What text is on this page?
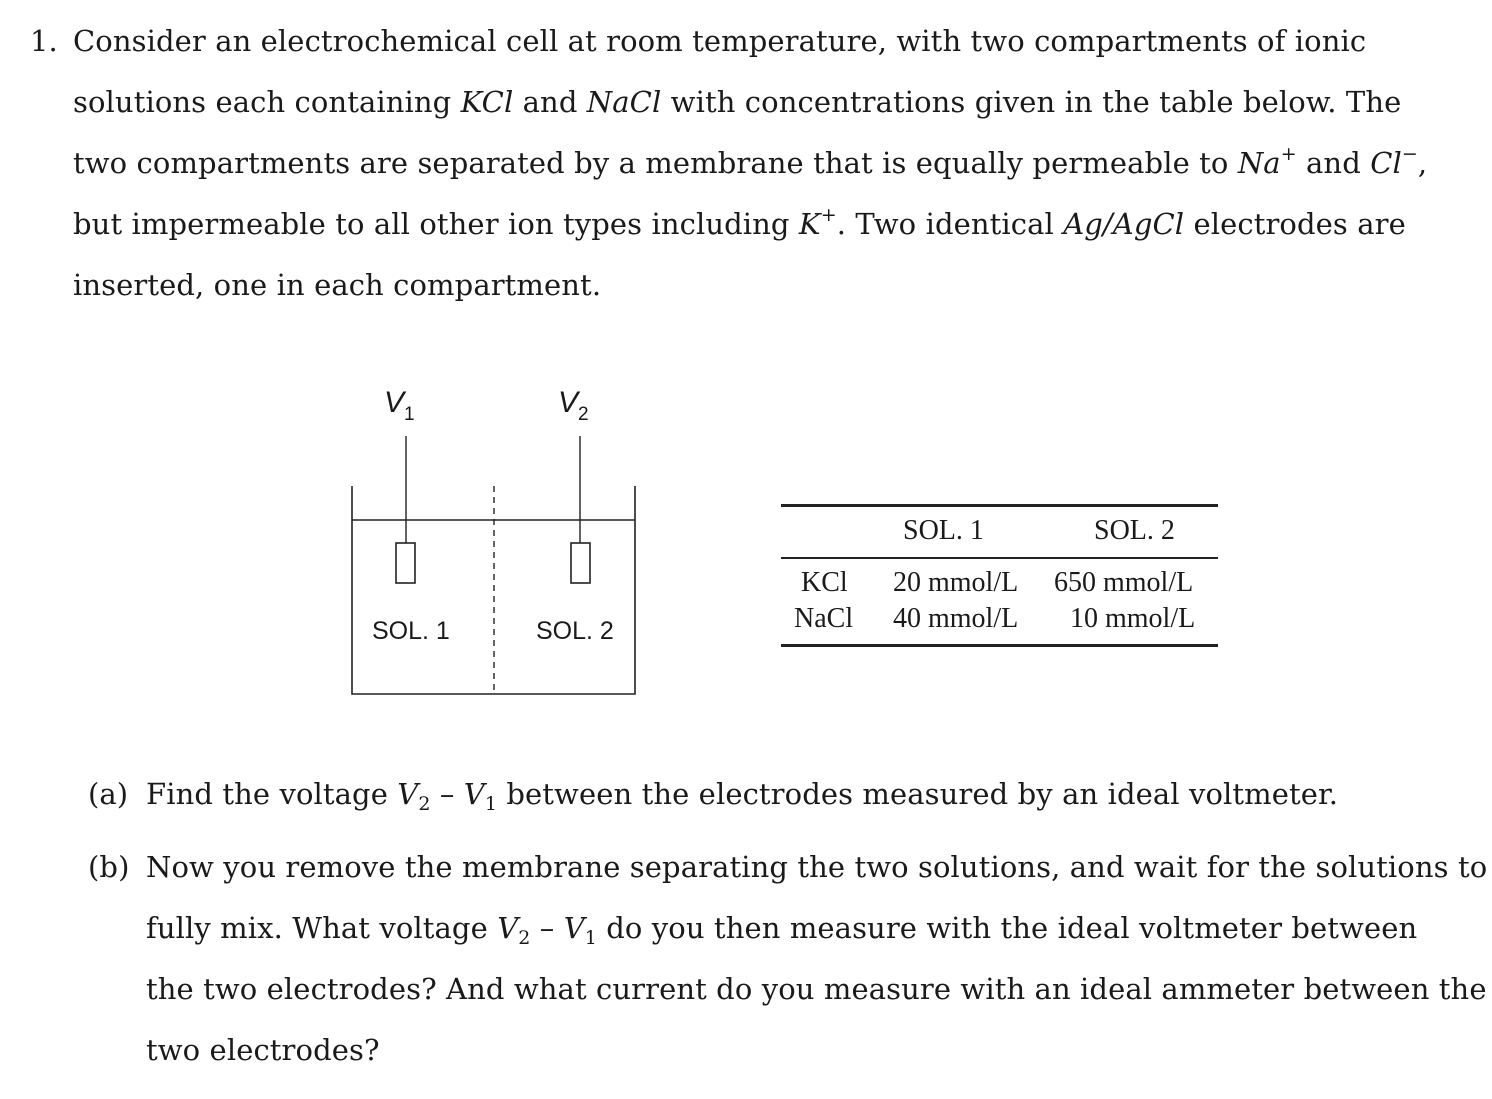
1. Consider an electrochemical cell at room temperature, with two compartments of ionic
solutions each containing KCl and NaCl with concentrations given in the table below. The
two compartments are separated by a membrane that is equally permeable to Na+ and Cl−,
but impermeable to all other ion types including K+. Two identical Ag/AgCl electrodes are
inserted, one in each compartment.
$V_1$	$V_2$
SOL. 1	SOL. 2
SOL. 1	SOL. 2
KCl 20 mmol/L 650 mmol/L
NaCl 40 mmol/L 10 mmol/L
(a) Find the voltage $V_2 - V_1$ between the electrodes measured by an ideal voltmeter.
(b) Now you remove the membrane separating the two solutions, and wait for the solutions to
fully mix. What voltage $V_2 - V_1$ do you then measure with the ideal voltmeter between
the two electrodes? And what current do you measure with an ideal ammeter between the
two electrodes?
